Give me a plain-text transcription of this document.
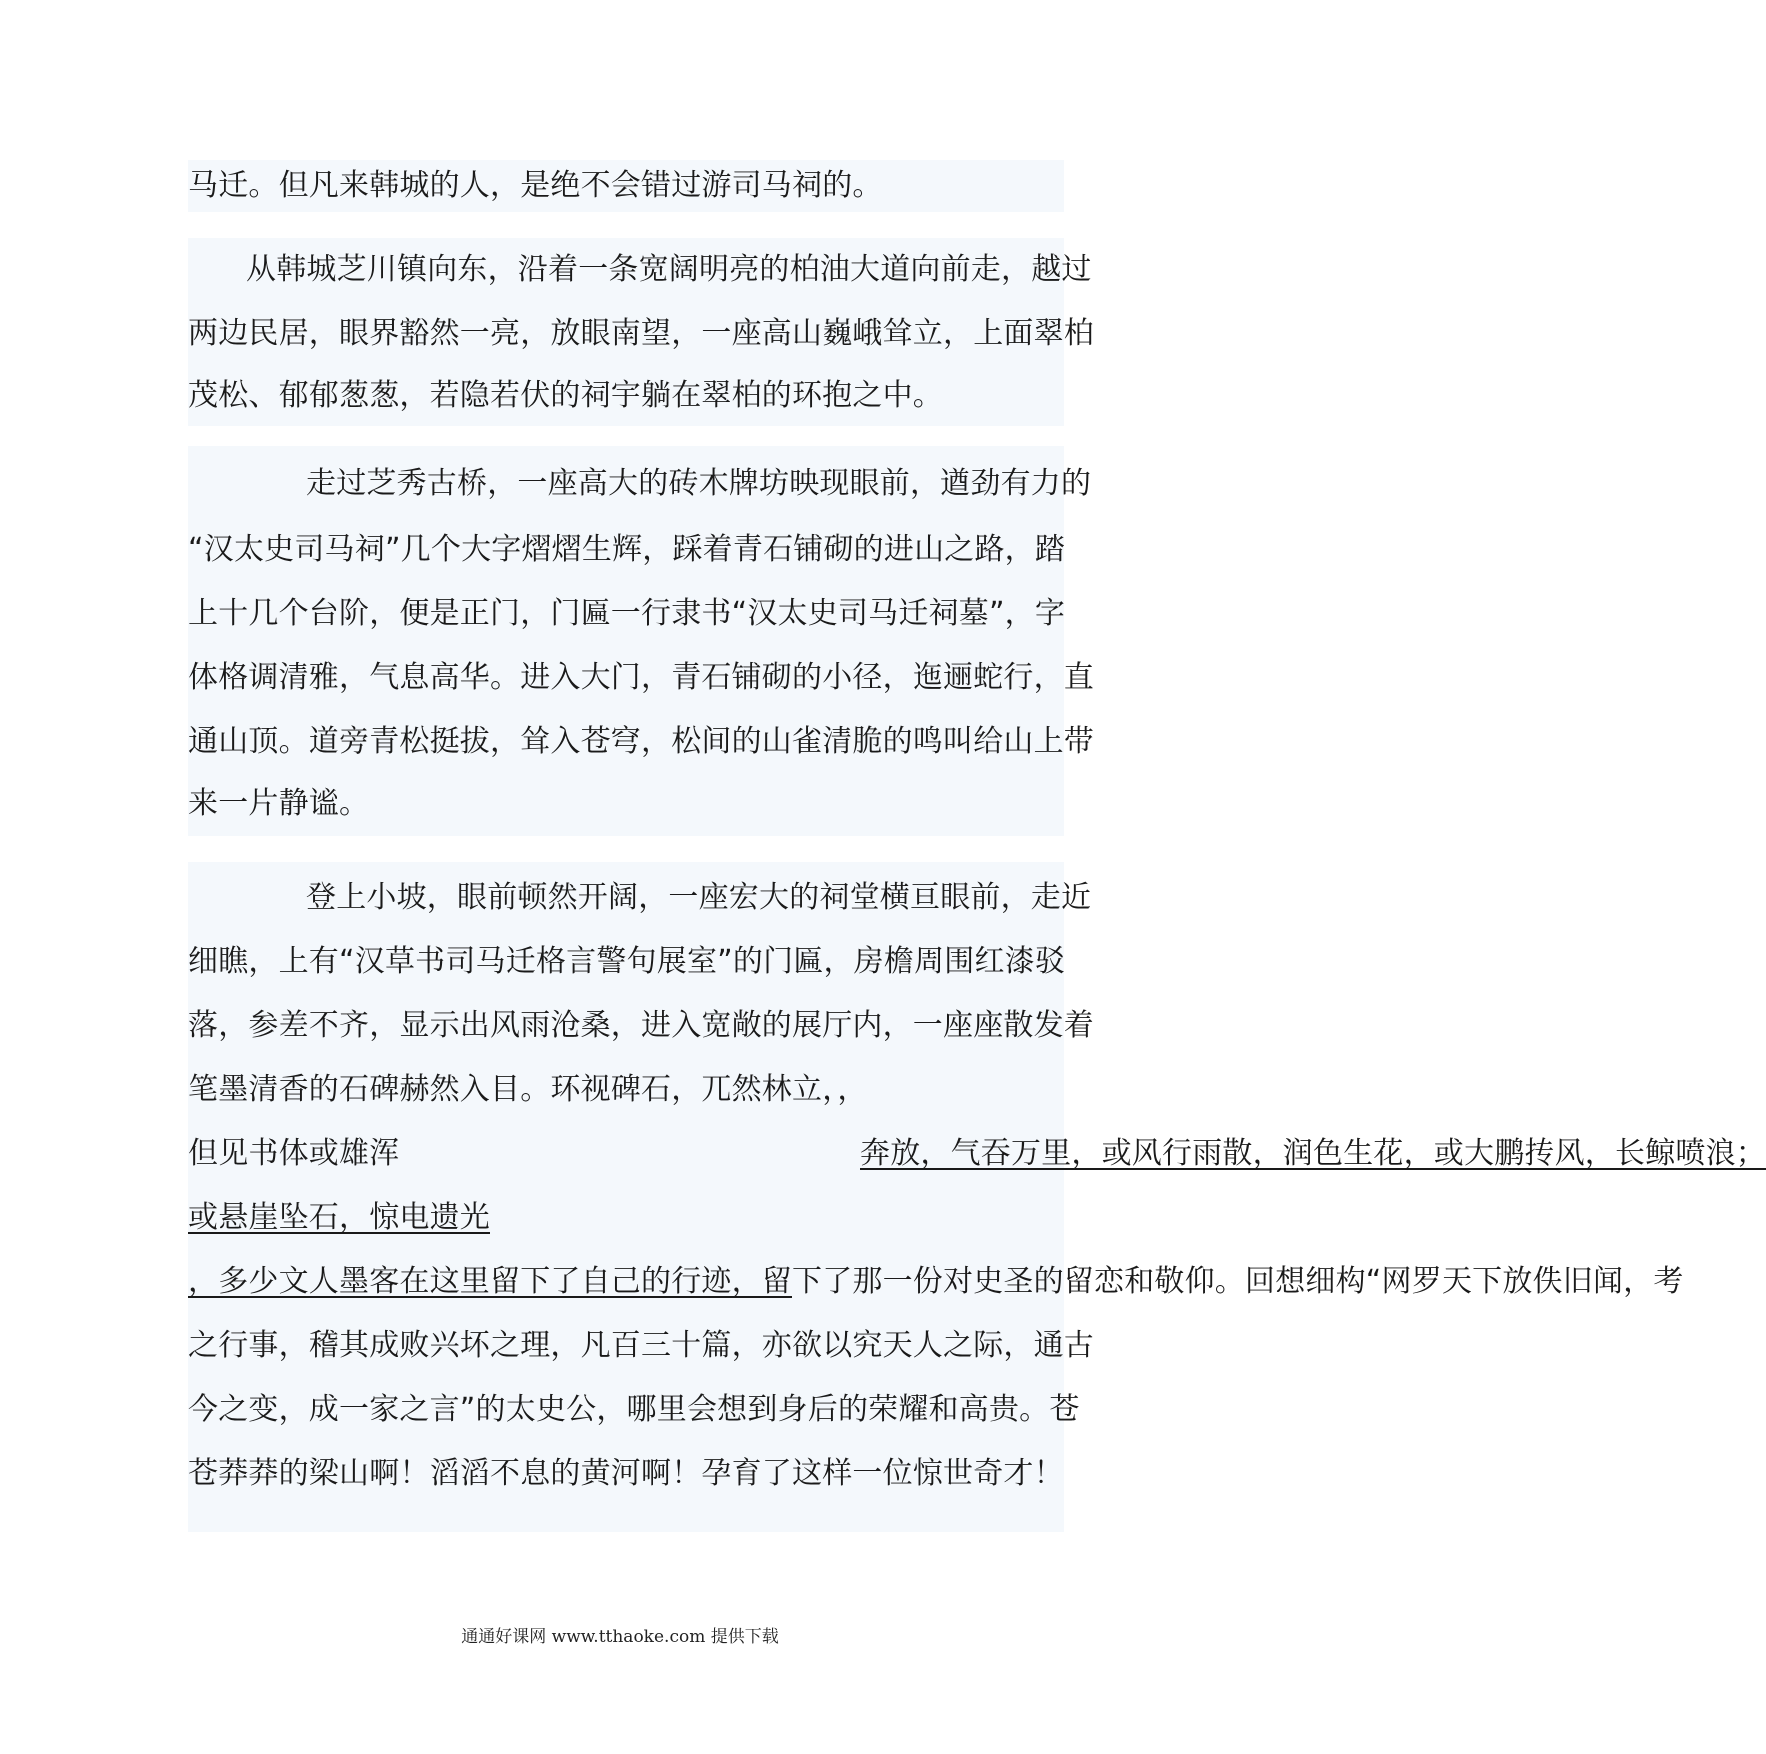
马迁。但凡来韩城的人，是绝不会错过游司马祠的。
从韩城芝川镇向东，沿着一条宽阔明亮的柏油大道向前走，越过
两边民居，眼界豁然一亮，放眼南望，一座高山巍峨耸立，上面翠柏
茂松、郁郁葱葱，若隐若伏的祠宇躺在翠柏的环抱之中。
走过芝秀古桥，一座高大的砖木牌坊映现眼前，遒劲有力的
“汉太史司马祠”几个大字熠熠生辉，踩着青石铺砌的进山之路，踏
上十几个台阶，便是正门，门匾一行隶书“汉太史司马迁祠墓”，字
体格调清雅，气息高华。进入大门，青石铺砌的小径，迤逦蛇行，直
通山顶。道旁青松挺拔，耸入苍穹，松间的山雀清脆的鸣叫给山上带
来一片静谧。
登上小坡，眼前顿然开阔，一座宏大的祠堂横亘眼前，走近
细瞧，上有“汉草书司马迁格言警句展室”的门匾，房檐周围红漆驳
落，参差不齐，显示出风雨沧桑，进入宽敞的展厅内，一座座散发着
笔墨清香的石碑赫然入目。环视碑石，兀然林立，，
但见书体或雄浑	奔放，气吞万里，或风行雨散，润色生花，或大鹏抟风，长鲸喷浪；
或悬崖坠石，惊电遗光
，多少文人墨客在这里留下了自己的行迹，留下了那一份对史圣的留恋和敬仰。回想细构“网罗天下放佚旧闻，考
之行事，稽其成败兴坏之理，凡百三十篇，亦欲以究天人之际，通古
今之变，成一家之言”的太史公，哪里会想到身后的荣耀和高贵。苍
苍莽莽的梁山啊！滔滔不息的黄河啊！孕育了这样一位惊世奇才！
通通好课网 www.tthaoke.com 提供下载
